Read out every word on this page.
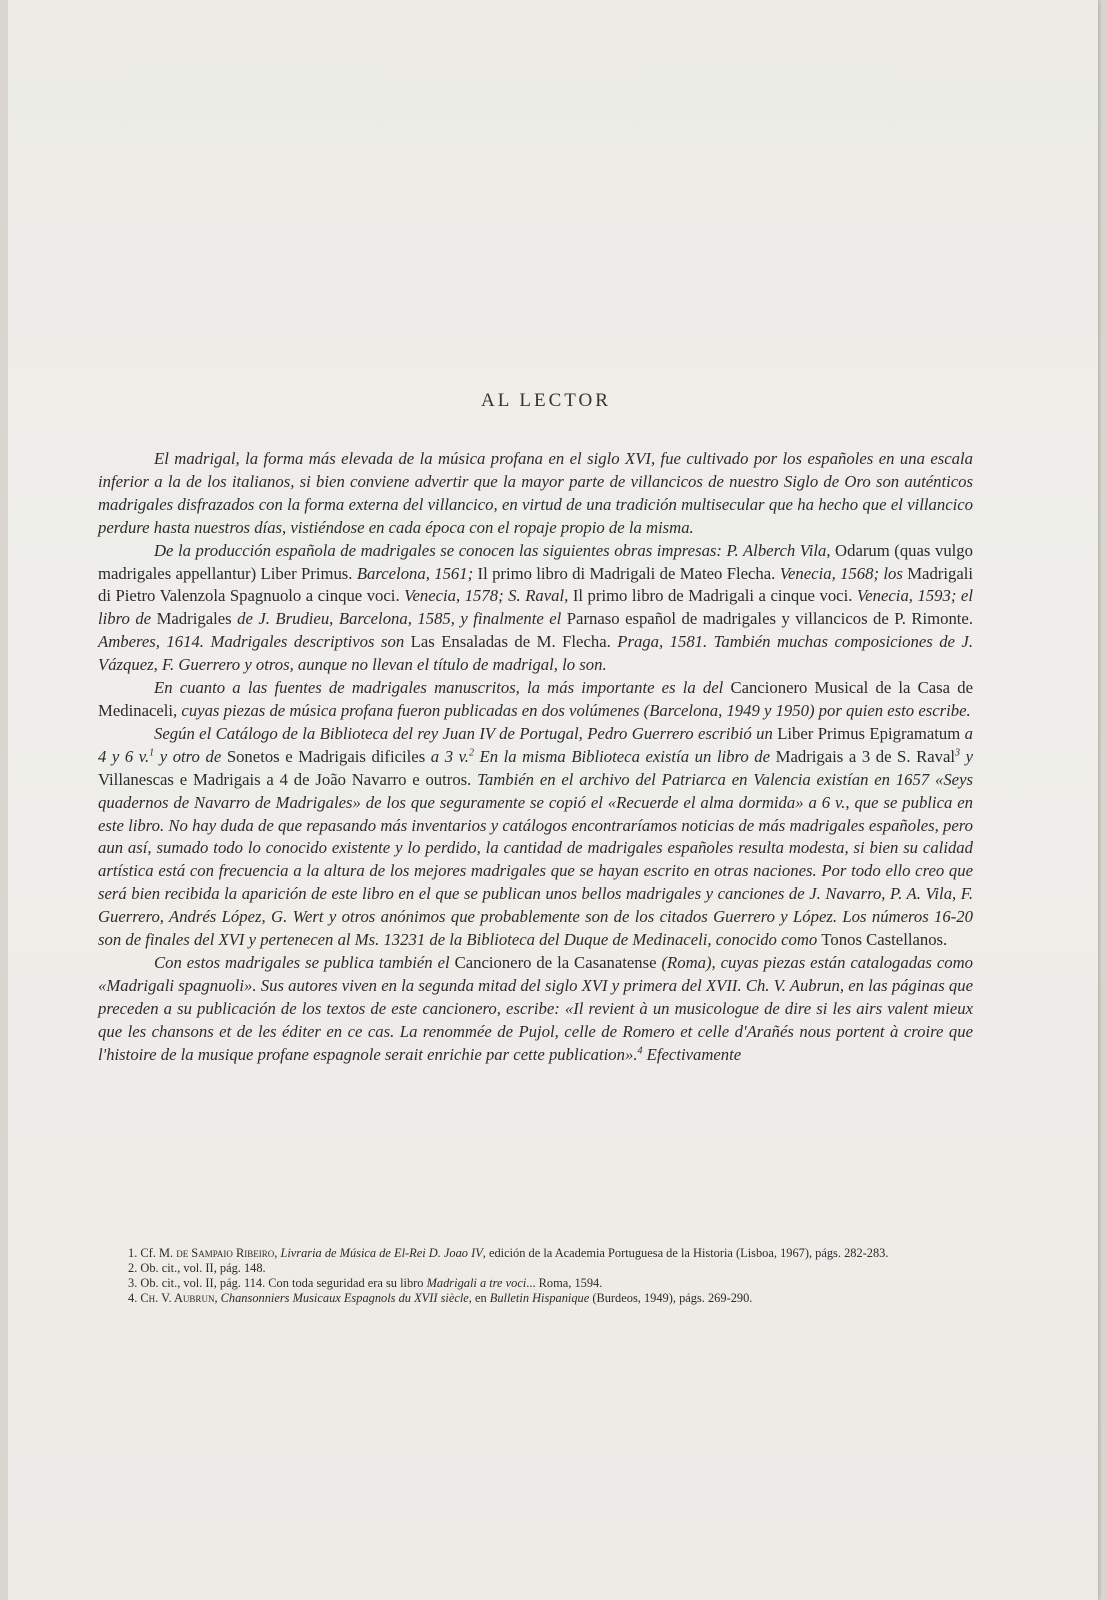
AL LECTOR

El madrigal, la forma más elevada de la música profana en el siglo XVI, fue cultivado por los españoles en una escala inferior a la de los italianos, si bien conviene advertir que la mayor parte de villancicos de nuestro Siglo de Oro son auténticos madrigales disfrazados con la forma externa del villancico, en virtud de una tradición multisecular que ha hecho que el villancico perdure hasta nuestros días, vistiéndose en cada época con el ropaje propio de la misma.

De la producción española de madrigales se conocen las siguientes obras impresas: P. Alberch Vila, Odarum (quas vulgo madrigales appellantur) Liber Primus. Barcelona, 1561; Il primo libro di Madrigali de Mateo Flecha. Venecia, 1568; los Madrigali di Pietro Valenzola Spagnuolo a cinque voci. Venecia, 1578; S. Raval, Il primo libro de Madrigali a cinque voci. Venecia, 1593; el libro de Madrigales de J. Brudieu, Barcelona, 1585, y finalmente el Parnaso español de madrigales y villancicos de P. Rimonte. Amberes, 1614. Madrigales descriptivos son Las Ensaladas de M. Flecha. Praga, 1581. También muchas composiciones de J. Vázquez, F. Guerrero y otros, aunque no llevan el título de madrigal, lo son.

En cuanto a las fuentes de madrigales manuscritos, la más importante es la del Cancionero Musical de la Casa de Medinaceli, cuyas piezas de música profana fueron publicadas en dos volúmenes (Barcelona, 1949 y 1950) por quien esto escribe.

Según el Catálogo de la Biblioteca del rey Juan IV de Portugal, Pedro Guerrero escribió un Liber Primus Epigramatum a 4 y 6 v.$^1$ y otro de Sonetos e Madrigais dificiles a 3 v.$^2$ En la misma Biblioteca existía un libro de Madrigais a 3 de S. Raval$^3$ y Villanescas e Madrigais a 4 de João Navarro e outros. También en el archivo del Patriarca en Valencia existían en 1657 «Seys quadernos de Navarro de Madrigales» de los que seguramente se copió el «Recuerde el alma dormida» a 6 v., que se publica en este libro. No hay duda de que repasando más inventarios y catálogos encontraríamos noticias de más madrigales españoles, pero aun así, sumado todo lo conocido existente y lo perdido, la cantidad de madrigales españoles resulta modesta, si bien su calidad artística está con frecuencia a la altura de los mejores madrigales que se hayan escrito en otras naciones. Por todo ello creo que será bien recibida la aparición de este libro en el que se publican unos bellos madrigales y canciones de J. Navarro, P. A. Vila, F. Guerrero, Andrés López, G. Wert y otros anónimos que probablemente son de los citados Guerrero y López. Los números 16-20 son de finales del XVI y pertenecen al Ms. 13231 de la Biblioteca del Duque de Medinaceli, conocido como Tonos Castellanos.

Con estos madrigales se publica también el Cancionero de la Casanatense (Roma), cuyas piezas están catalogadas como «Madrigali spagnuoli». Sus autores viven en la segunda mitad del siglo XVI y primera del XVII. Ch. V. Aubrun, en las páginas que preceden a su publicación de los textos de este cancionero, escribe: «Il revient à un musicologue de dire si les airs valent mieux que les chansons et de les éditer en ce cas. La renommée de Pujol, celle de Romero et celle d'Arañés nous portent à croire que l'histoire de la musique profane espagnole serait enrichie par cette publication».$^4$ Efectivamente

1. Cf. M. de Sampaio Ribeiro, Livraria de Música de El-Rei D. Joao IV, edición de la Academia Portuguesa de la Historia (Lisboa, 1967), págs. 282-283.

2. Ob. cit., vol. II, pág. 148.

3. Ob. cit., vol. II, pág. 114. Con toda seguridad era su libro Madrigali a tre voci... Roma, 1594.

4. Ch. V. Aubrun, Chansonniers Musicaux Espagnols du XVII siècle, en Bulletin Hispanique (Burdeos, 1949), págs. 269-290.
